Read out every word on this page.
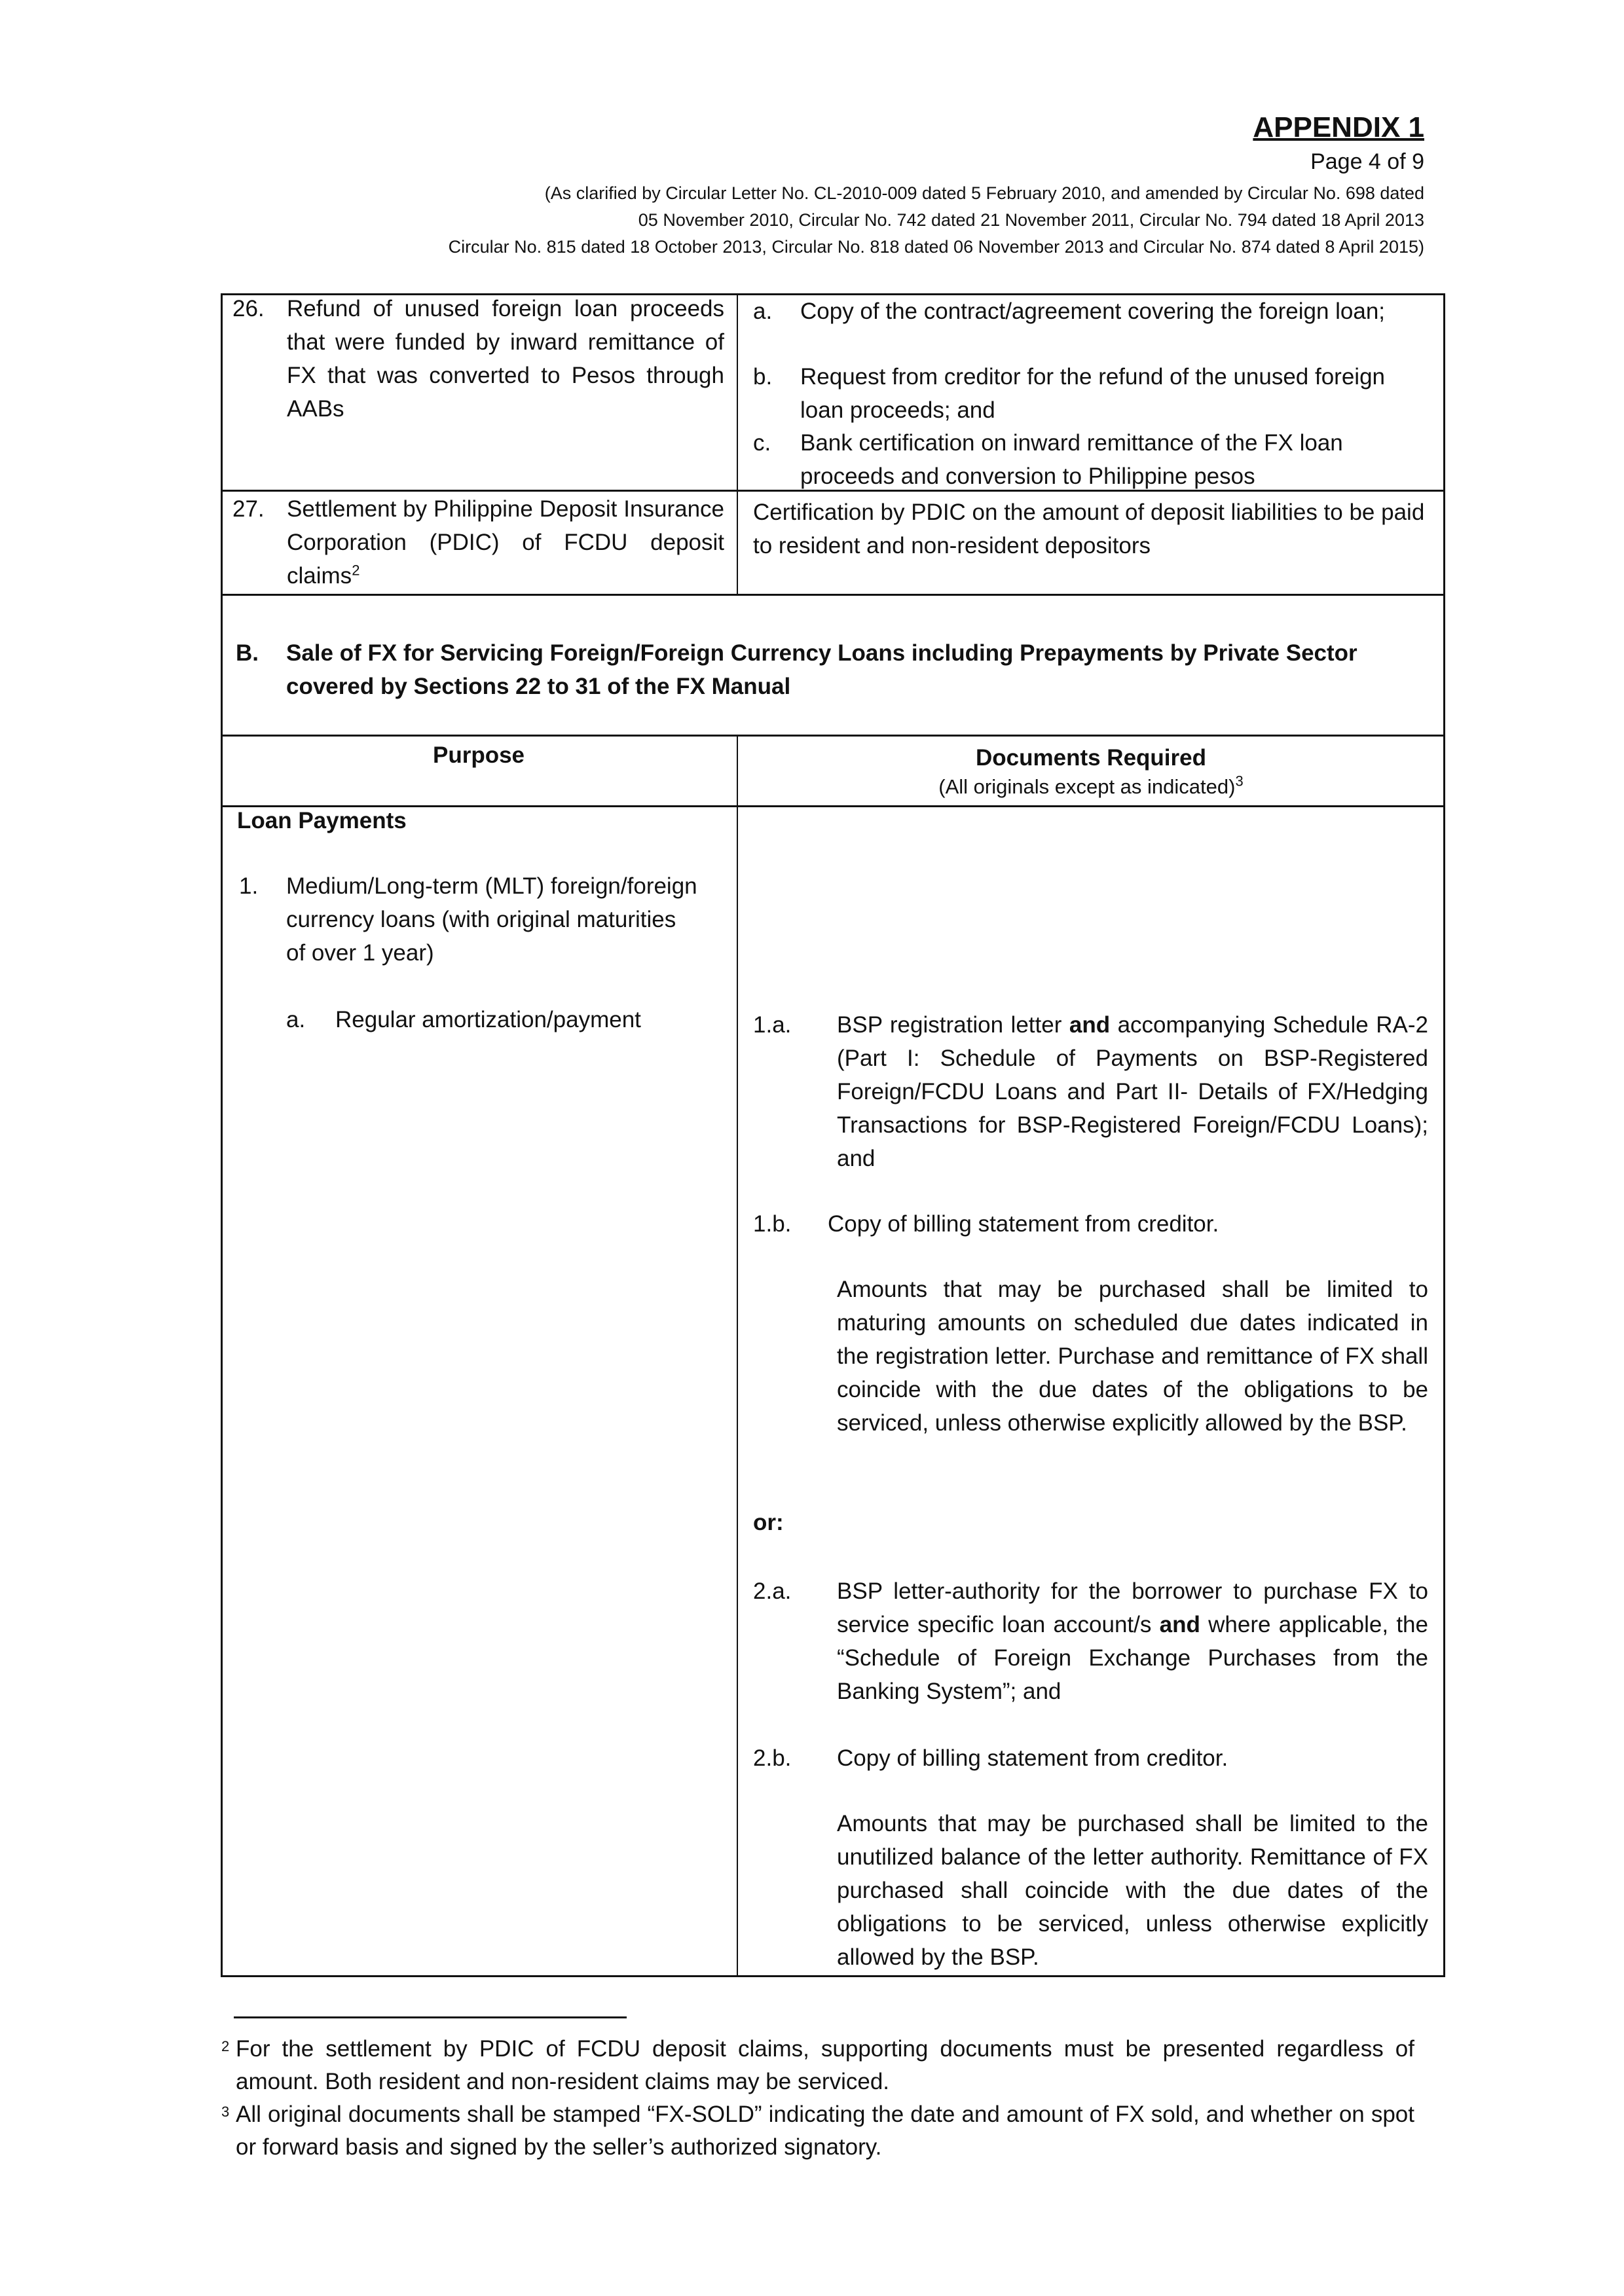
APPENDIX 1
Page 4 of 9
(As clarified by Circular Letter No. CL-2010-009 dated 5 February 2010, and amended by Circular No. 698 dated
05 November 2010, Circular No. 742 dated 21 November 2011, Circular No. 794 dated 18 April 2013
Circular No. 815 dated 18 October 2013, Circular No. 818 dated 06 November 2013 and Circular No. 874 dated 8 April 2015)
26. Refund of unused foreign loan proceeds that were funded by inward remittance of FX that was converted to Pesos through AABs
a. Copy of the contract/agreement covering the foreign loan;
b. Request from creditor for the refund of the unused foreign loan proceeds; and
c. Bank certification on inward remittance of the FX loan proceeds and conversion to Philippine pesos
27. Settlement by Philippine Deposit Insurance Corporation (PDIC) of FCDU deposit claims$^2$
Certification by PDIC on the amount of deposit liabilities to be paid to resident and non-resident depositors
B. Sale of FX for Servicing Foreign/Foreign Currency Loans including Prepayments by Private Sector covered by Sections 22 to 31 of the FX Manual
Purpose	Documents Required
(All originals except as indicated)$^3$
Loan Payments
1. Medium/Long-term (MLT) foreign/foreign currency loans (with original maturities of over 1 year)
a. Regular amortization/payment	1.a. BSP registration letter and accompanying Schedule RA-2 (Part I: Schedule of Payments on BSP-Registered Foreign/FCDU Loans and Part II- Details of FX/Hedging Transactions for BSP-Registered Foreign/FCDU Loans); and
1.b. Copy of billing statement from creditor.
Amounts that may be purchased shall be limited to maturing amounts on scheduled due dates indicated in the registration letter. Purchase and remittance of FX shall coincide with the due dates of the obligations to be serviced, unless otherwise explicitly allowed by the BSP.
or:
2.a. BSP letter-authority for the borrower to purchase FX to service specific loan account/s and where applicable, the “Schedule of Foreign Exchange Purchases from the Banking System”; and
2.b. Copy of billing statement from creditor.
Amounts that may be purchased shall be limited to the unutilized balance of the letter authority. Remittance of FX purchased shall coincide with the due dates of the obligations to be serviced, unless otherwise explicitly allowed by the BSP.
2 For the settlement by PDIC of FCDU deposit claims, supporting documents must be presented regardless of amount. Both resident and non-resident claims may be serviced.
3 All original documents shall be stamped “FX-SOLD” indicating the date and amount of FX sold, and whether on spot or forward basis and signed by the seller’s authorized signatory.
